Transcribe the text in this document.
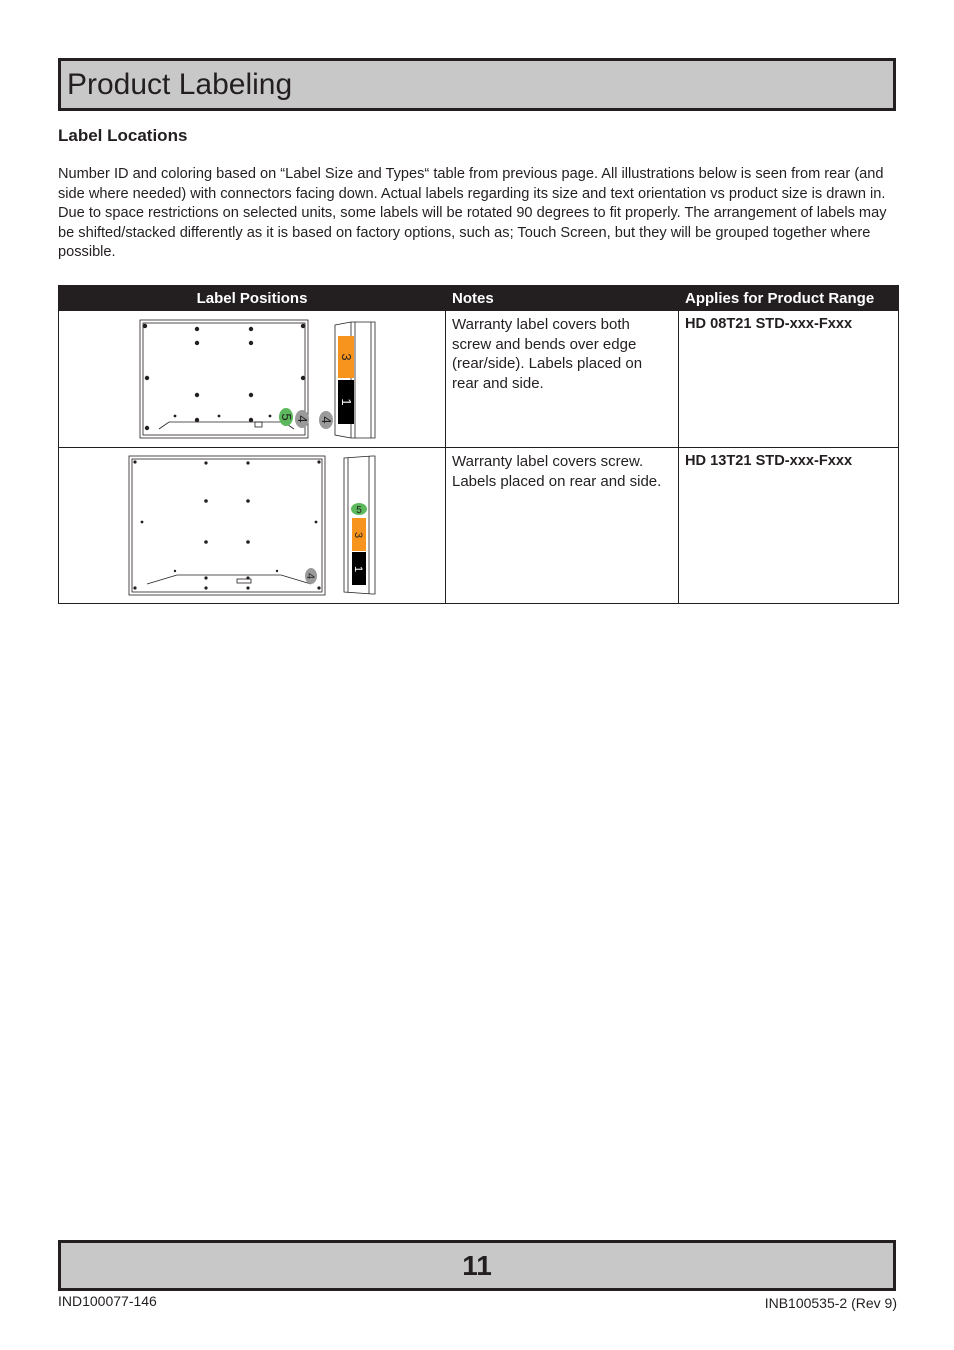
Product Labeling
Label Locations

Number ID and coloring based on “Label Size and Types“ table from previous page. All illustrations below is seen from rear (and side where needed) with connectors facing down. Actual labels regarding its size and text orientation vs product size is drawn in. Due to space restrictions on selected units, some labels will be rotated 90 degrees to fit properly. The arrangement of labels may be shifted/stacked differently as it is based on factory options, such as; Touch Screen, but they will be grouped together where possible.

Label Positions	Notes	Applies for Product Range

5 4 4
3
1	Warranty label covers both screw and bends over edge (rear/side). Labels placed on rear and side.	HD 08T21 STD-xxx-Fxxx

4
5
3
1	Warranty label covers screw. Labels placed on rear and side.	HD 13T21 STD-xxx-Fxxx
11
IND100077-146	INB100535-2 (Rev 9)
